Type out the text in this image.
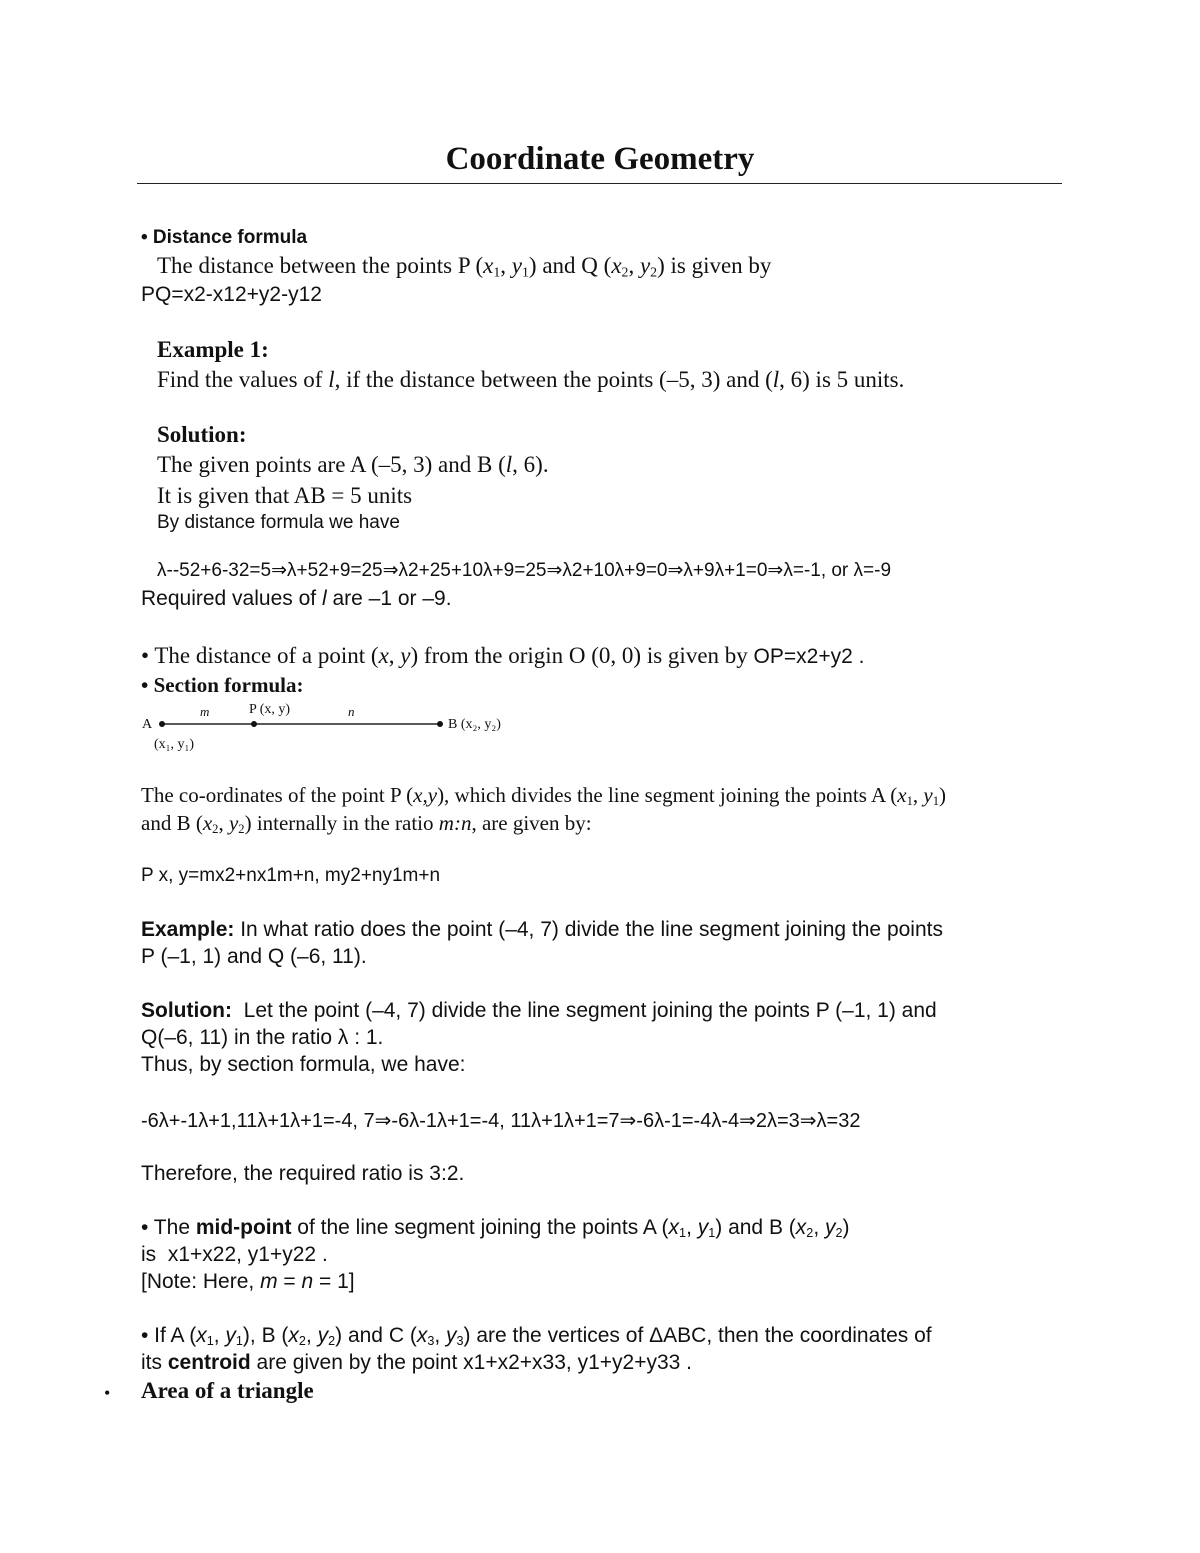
Coordinate Geometry
• Distance formula
The distance between the points P ($x_1$, $y_1$) and Q ($x_2$, $y_2$) is given by
PQ=x2-x12+y2-y12
Example 1:
Find the values of l, if the distance between the points (–5, 3) and (l, 6) is 5 units.
Solution:
The given points are A (–5, 3) and B (l, 6).
It is given that AB = 5 units
By distance formula we have
λ--52+6-32=5⇒λ+52+9=25⇒λ2+25+10λ+9=25⇒λ2+10λ+9=0⇒λ+9λ+1=0⇒λ=-1, or λ=-9
Required values of l are –1 or –9.
• The distance of a point (x, y) from the origin O (0, 0) is given by OP=x2+y2 .
• Section formula:
A
m	P (x, y)	n
B (x₂, y₂)
(x₁, y₁)
The co-ordinates of the point P (x,y), which divides the line segment joining the points A ($x_1$, $y_1$)
and B ($x_2$, $y_2$) internally in the ratio m:n, are given by:
P x, y=mx2+nx1m+n, my2+ny1m+n
Example: In what ratio does the point (–4, 7) divide the line segment joining the points
P (–1, 1) and Q (–6, 11).
Solution:  Let the point (–4, 7) divide the line segment joining the points P (–1, 1) and
Q(–6, 11) in the ratio λ : 1.
Thus, by section formula, we have:
-6λ+-1λ+1,11λ+1λ+1=-4, 7⇒-6λ-1λ+1=-4, 11λ+1λ+1=7⇒-6λ-1=-4λ-4⇒2λ=3⇒λ=32
Therefore, the required ratio is 3:2.
• The mid-point of the line segment joining the points A ($x_1$, $y_1$) and B ($x_2$, $y_2$)
is  x1+x22, y1+y22 .
[Note: Here, m = n = 1]
• If A ($x_1$, $y_1$), B ($x_2$, $y_2$) and C ($x_3$, $y_3$) are the vertices of ΔABC, then the coordinates of
its centroid are given by the point x1+x2+x33, y1+y2+y33 .
• Area of a triangle
